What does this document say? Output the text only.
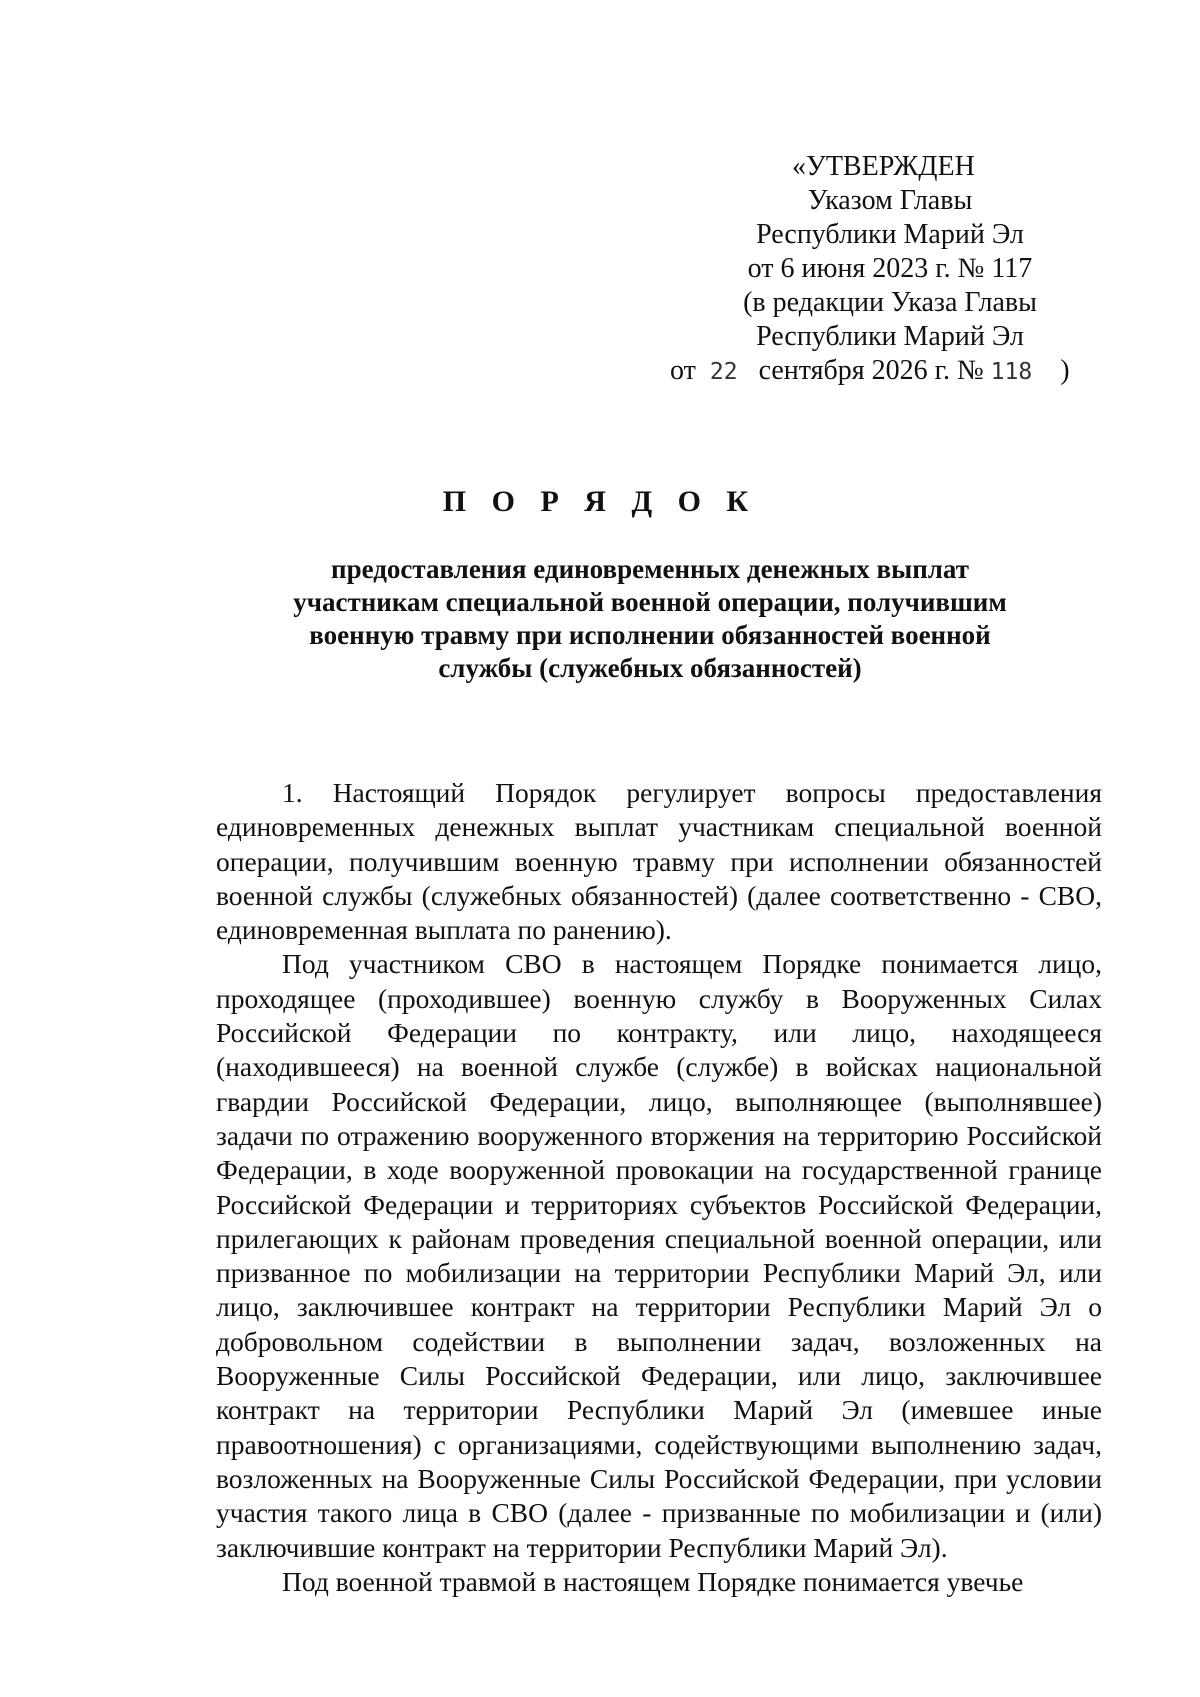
«УТВЕРЖДЕН
Указом Главы
Республики Марий Эл
от 6 июня 2023 г. № 117
(в редакции Указа Главы
Республики Марий Эл
от 22 сентября 2026 г. № 118 )
П О Р Я Д О К
предоставления единовременных денежных выплат
участникам специальной военной операции, получившим
военную травму при исполнении обязанностей военной
службы (служебных обязанностей)

1. Настоящий Порядок регулирует вопросы предоставления единовременных денежных выплат участникам специальной военной операции, получившим военную травму при исполнении обязанностей военной службы (служебных обязанностей) (далее соответственно - СВО, единовременная выплата по ранению).

Под участником СВО в настоящем Порядке понимается лицо, проходящее (проходившее) военную службу в Вооруженных Силах Российской Федерации по контракту, или лицо, находящееся (находившееся) на военной службе (службе) в войсках национальной гвардии Российской Федерации, лицо, выполняющее (выполнявшее) задачи по отражению вооруженного вторжения на территорию Российской Федерации, в ходе вооруженной провокации на государственной границе Российской Федерации и территориях субъектов Российской Федерации, прилегающих к районам проведения специальной военной операции, или призванное по мобилизации на территории Республики Марий Эл, или лицо, заключившее контракт на территории Республики Марий Эл о добровольном содействии в выполнении задач, возложенных на Вооруженные Силы Российской Федерации, или лицо, заключившее контракт на территории Республики Марий Эл (имевшее иные правоотношения) с организациями, содействующими выполнению задач, возложенных на Вооруженные Силы Российской Федерации, при условии участия такого лица в СВО (далее - призванные по мобилизации и (или) заключившие контракт на территории Республики Марий Эл).

Под военной травмой в настоящем Порядке понимается увечье
